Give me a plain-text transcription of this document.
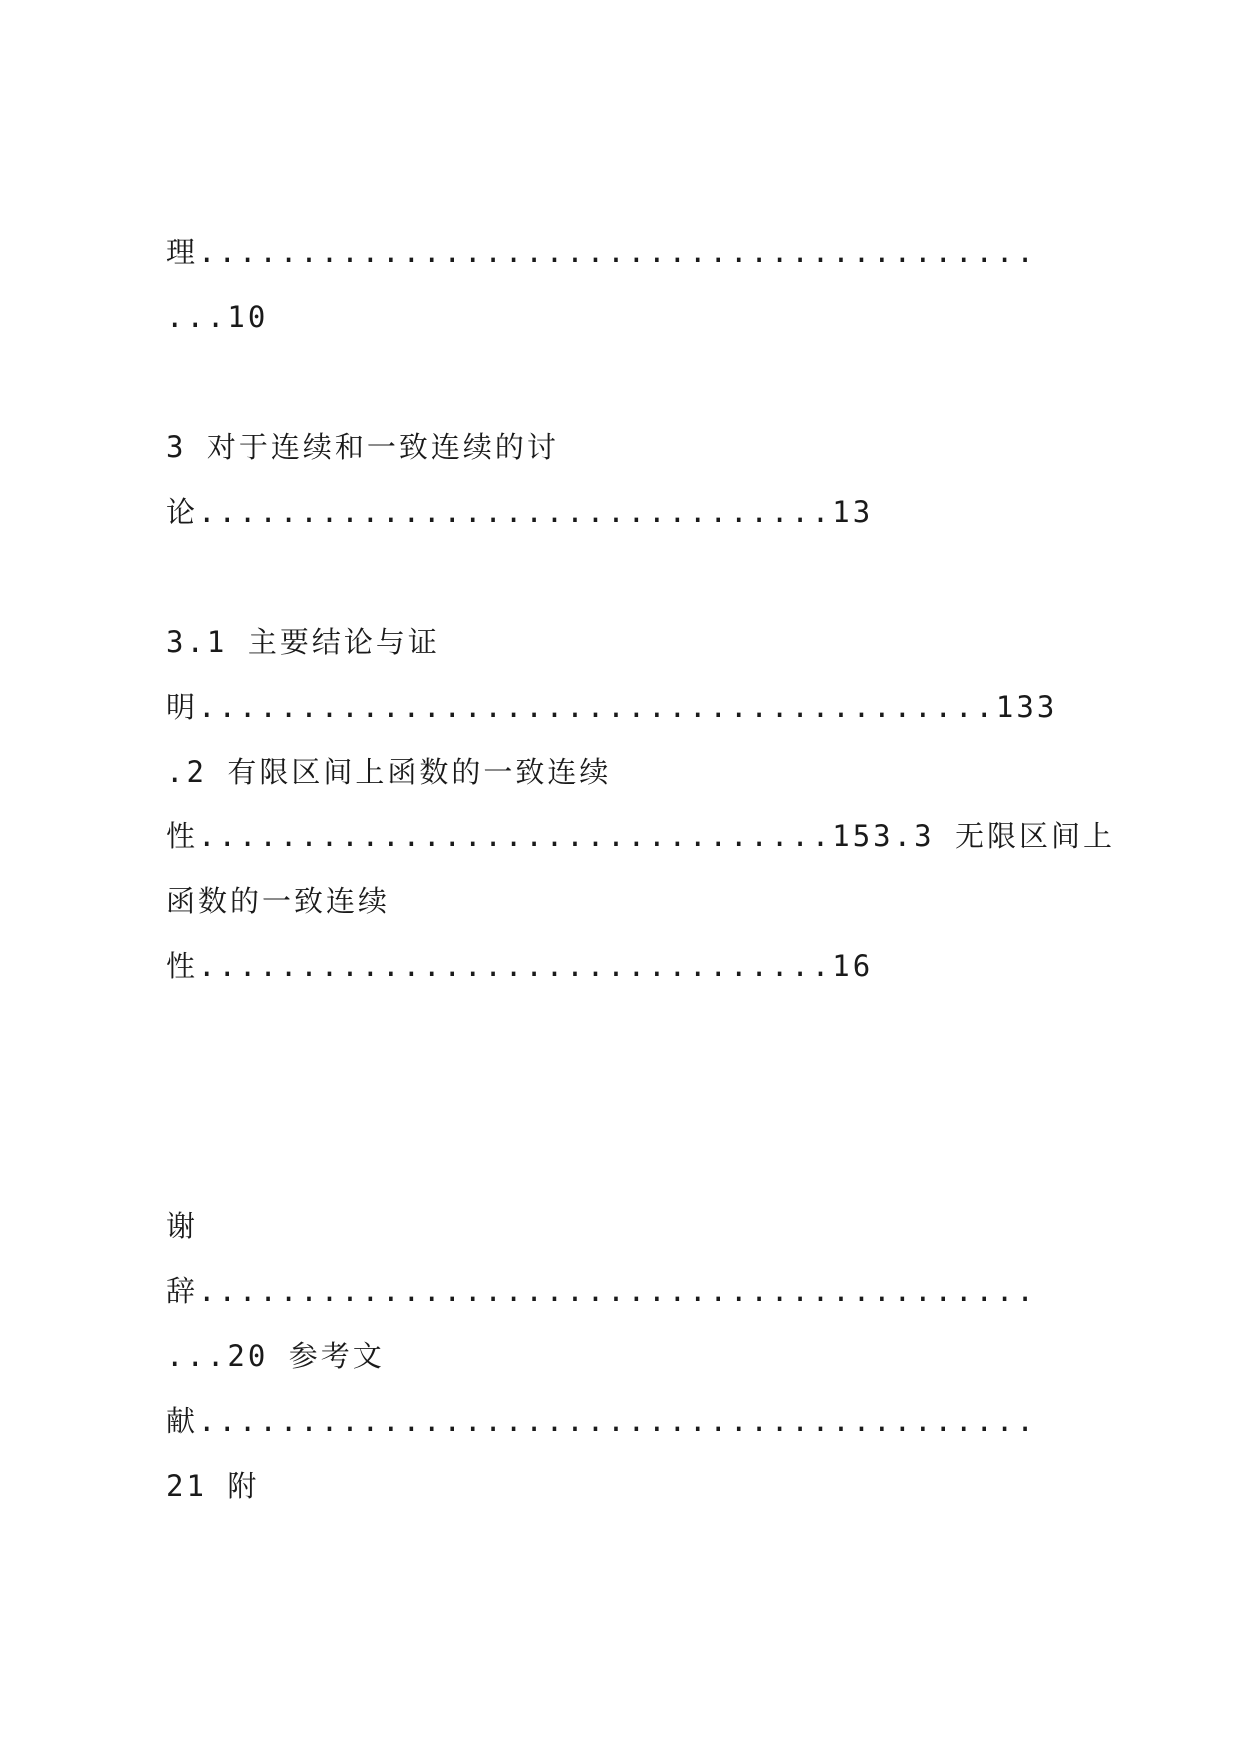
理.........................................

...10

3 对于连续和一致连续的讨

论...............................13

3.1 主要结论与证

明.......................................133

.2 有限区间上函数的一致连续

性...............................153.3 无限区间上

函数的一致连续

性...............................16

谢

辞.........................................

...20 参考文

献.........................................

21 附
